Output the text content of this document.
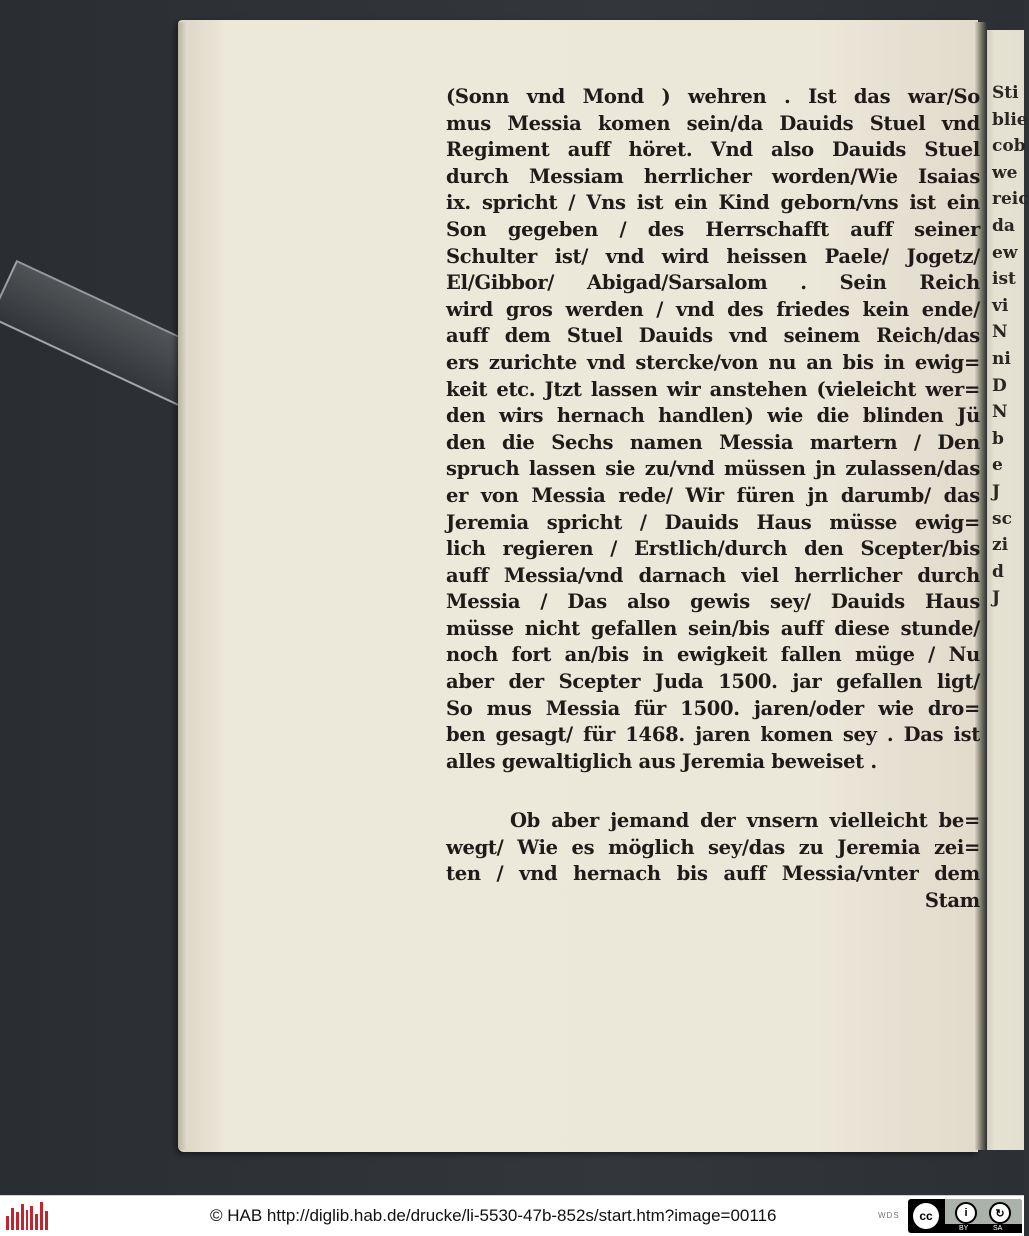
Sti
blie
cob
we
reic
da
ew
ist
vi
N
ni
D
N
b
e
J
sc
zi
d
J
(Sonn vnd Mond ) wehren . Ist das war/So
mus Messia komen sein/da Dauids Stuel vnd
Regiment auff höret. Vnd also Dauids Stuel
durch Messiam herrlicher worden/Wie Isaias
ix. spricht / Vns ist ein Kind geborn/vns ist ein
Son gegeben / des Herrschafft auff seiner
Schulter ist/ vnd wird heissen Paele/ Jogetz/
El/Gibbor/ Abigad/Sarsalom . Sein Reich
wird gros werden / vnd des friedes kein ende/
auff dem Stuel Dauids vnd seinem Reich/das
ers zurichte vnd stercke/von nu an bis in ewig=
keit etc. Jtzt lassen wir anstehen (vieleicht wer=
den wirs hernach handlen) wie die blinden Jü
den die Sechs namen Messia martern / Den
spruch lassen sie zu/vnd müssen jn zulassen/das
er von Messia rede/ Wir füren jn darumb/ das
Jeremia spricht / Dauids Haus müsse ewig=
lich regieren / Erstlich/durch den Scepter/bis
auff Messia/vnd darnach viel herrlicher durch
Messia / Das also gewis sey/ Dauids Haus
müsse nicht gefallen sein/bis auff diese stunde/
noch fort an/bis in ewigkeit fallen müge / Nu
aber der Scepter Juda 1500. jar gefallen ligt/
So mus Messia für 1500. jaren/oder wie dro=
ben gesagt/ für 1468. jaren komen sey . Das ist
alles gewaltiglich aus Jeremia beweiset .
Ob aber jemand der vnsern vielleicht be=
wegt/ Wie es möglich sey/das zu Jeremia zei=
ten / vnd hernach bis auff Messia/vnter dem
Stam
© HAB http://diglib.hab.de/drucke/li-5530-47b-852s/start.htm?image=00116	WDS	cc	i	↻
BY	SA
